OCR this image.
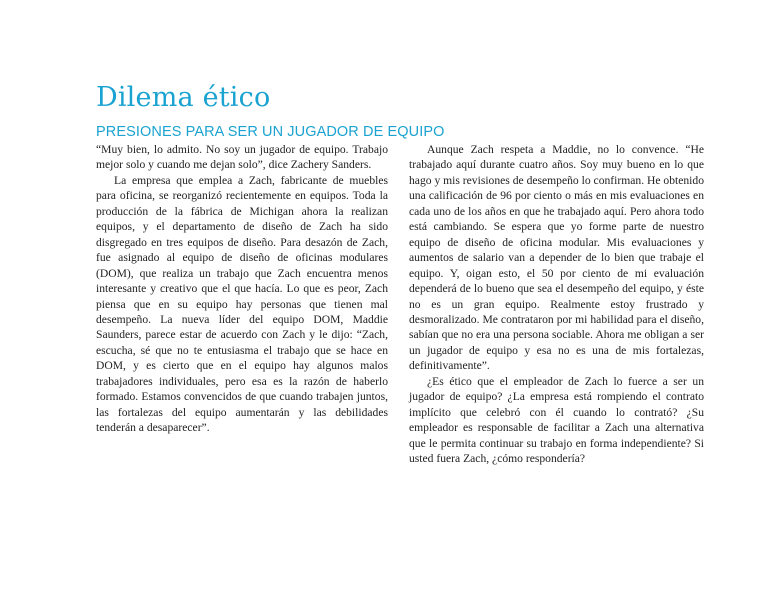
Dilema ético
PRESIONES PARA SER UN JUGADOR DE EQUIPO

“Muy bien, lo admito. No soy un jugador de equipo. Trabajo mejor solo y cuando me dejan solo”, dice Zachery Sanders.

La empresa que emplea a Zach, fabricante de muebles para oficina, se reorganizó recientemente en equipos. Toda la producción de la fábrica de Michigan ahora la realizan equipos, y el departamento de diseño de Zach ha sido disgregado en tres equipos de diseño. Para desazón de Zach, fue asignado al equipo de diseño de oficinas modulares (DOM), que realiza un trabajo que Zach encuentra menos interesante y creativo que el que hacía. Lo que es peor, Zach piensa que en su equipo hay personas que tienen mal desempeño. La nueva líder del equipo DOM, Maddie Saunders, parece estar de acuerdo con Zach y le dijo: “Zach, escucha, sé que no te entusiasma el trabajo que se hace en DOM, y es cierto que en el equipo hay algunos malos trabajadores individuales, pero esa es la razón de haberlo formado. Estamos convencidos de que cuando trabajen juntos, las fortalezas del equipo aumentarán y las debilidades tenderán a desaparecer”.

Aunque Zach respeta a Maddie, no lo convence. “He trabajado aquí durante cuatro años. Soy muy bueno en lo que hago y mis revisiones de desempeño lo confirman. He obtenido una calificación de 96 por ciento o más en mis evaluaciones en cada uno de los años en que he trabajado aquí. Pero ahora todo está cambiando. Se espera que yo forme parte de nuestro equipo de diseño de oficina modular. Mis evaluaciones y aumentos de salario van a depender de lo bien que trabaje el equipo. Y, oigan esto, el 50 por ciento de mi evaluación dependerá de lo bueno que sea el desempeño del equipo, y éste no es un gran equipo. Realmente estoy frustrado y desmoralizado. Me contrataron por mi habilidad para el diseño, sabían que no era una persona sociable. Ahora me obligan a ser un jugador de equipo y esa no es una de mis fortalezas, definitivamente”.

¿Es ético que el empleador de Zach lo fuerce a ser un jugador de equipo? ¿La empresa está rompiendo el contrato implícito que celebró con él cuando lo contrató? ¿Su empleador es responsable de facilitar a Zach una alternativa que le permita continuar su trabajo en forma independiente? Si usted fuera Zach, ¿cómo respondería?
